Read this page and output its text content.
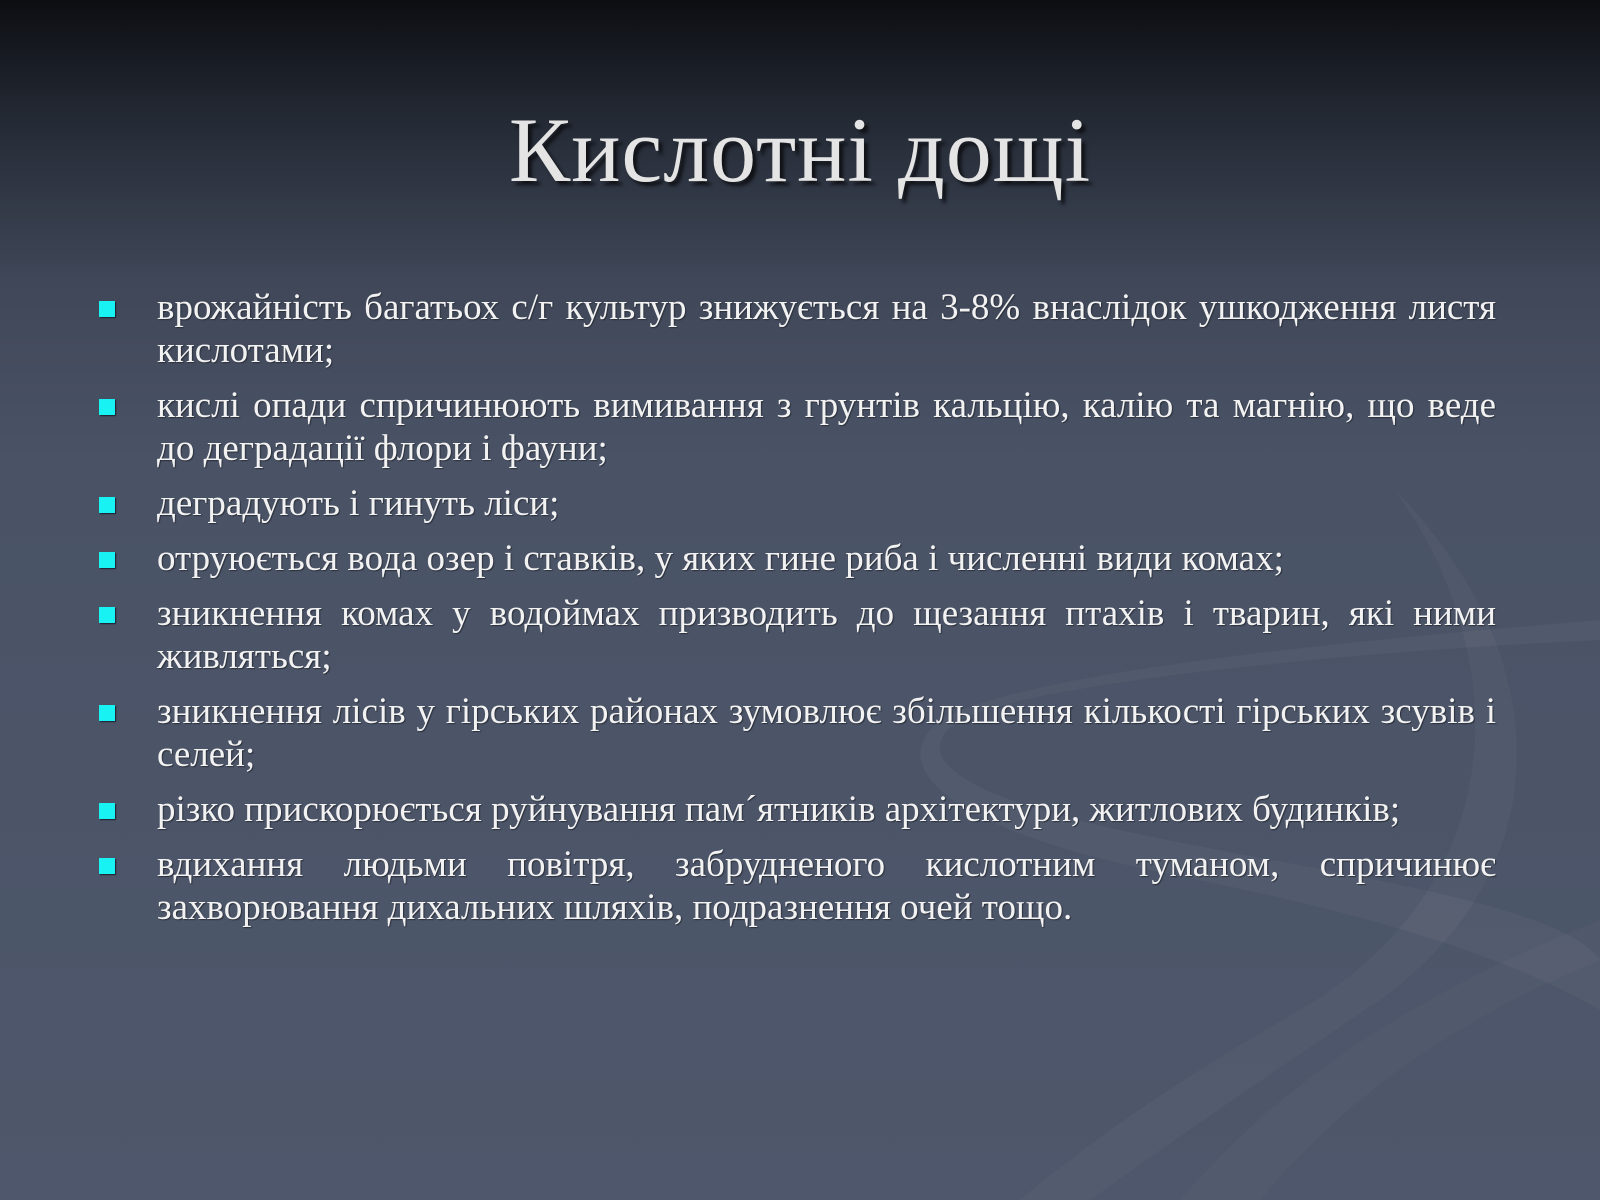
Кислотні дощі
врожайність багатьох с/г культур знижується на 3-8% внаслідок ушкодження листя кислотами;
кислі опади спричинюють вимивання з грунтів кальцію, калію та магнію, що веде до деградації флори і фауни;
деградують і гинуть ліси;
отруюється вода озер і ставків, у яких гине риба і численні види комах;
зникнення комах у водоймах призводить до щезання птахів і тварин, які ними живляться;
зникнення лісів у гірських районах зумовлює збільшення кількості гірських зсувів і селей;
різко прискорюється руйнування пам´ятників архітектури, житлових будинків;
вдихання людьми повітря, забрудненого кислотним туманом, спричинює захворювання дихальних шляхів, подразнення очей тощо.
